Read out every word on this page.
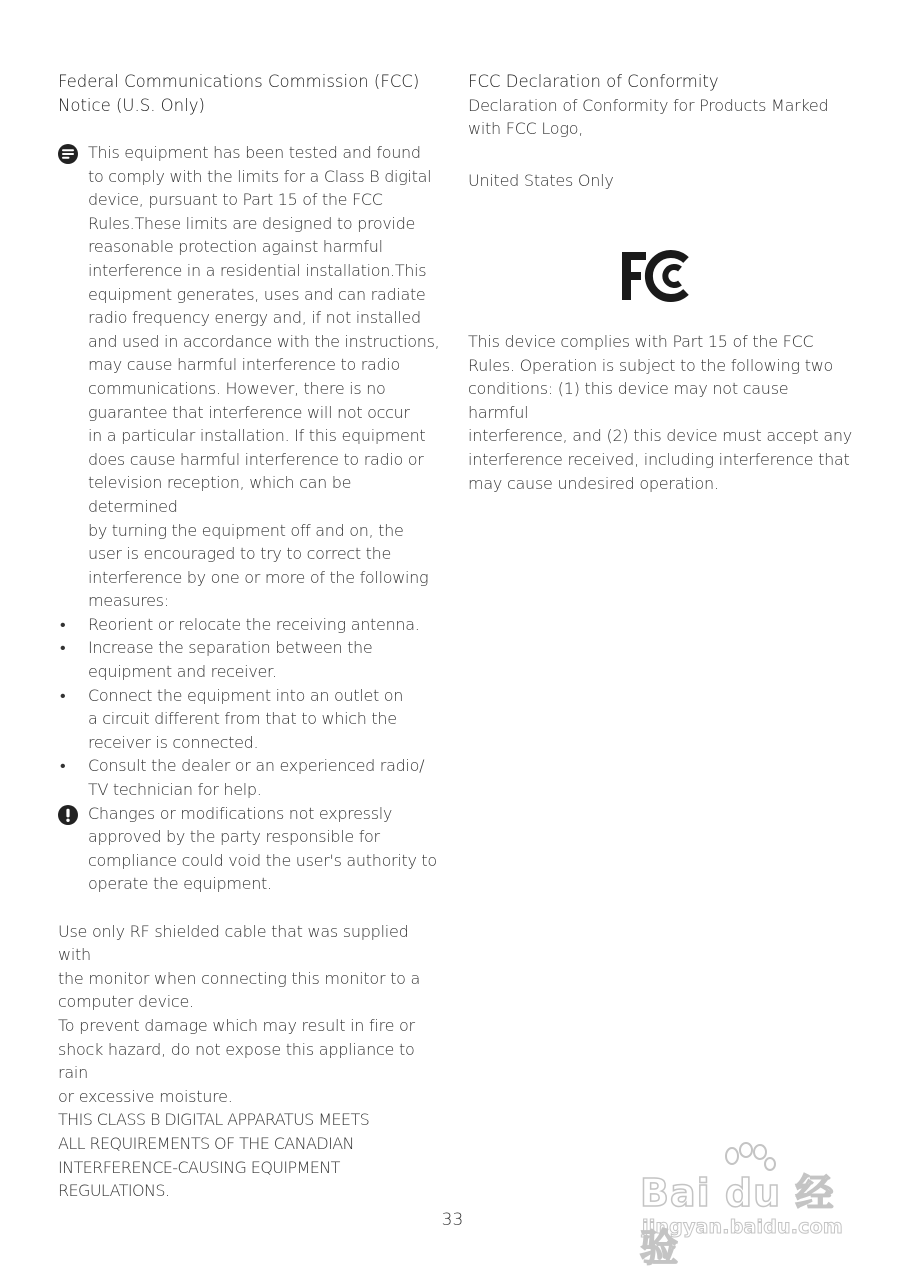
Federal Communications Commission (FCC)
Notice (U.S. Only)

This equipment has been tested and found
to comply with the limits for a Class B digital
device, pursuant to Part 15 of the FCC
Rules.These limits are designed to provide
reasonable protection against harmful
interference in a residential installation.This
equipment generates, uses and can radiate
radio frequency energy and, if not installed
and used in accordance with the instructions,
may cause harmful interference to radio
communications. However, there is no
guarantee that interference will not occur
in a particular installation. If this equipment
does cause harmful interference to radio or
television reception, which can be determined
by turning the equipment off and on, the
user is encouraged to try to correct the
interference by one or more of the following
measures:
• Reorient or relocate the receiving antenna.
• Increase the separation between the
equipment and receiver.
• Connect the equipment into an outlet on
a circuit different from that to which the
receiver is connected.
• Consult the dealer or an experienced radio/
TV technician for help.
Changes or modifications not expressly
approved by the party responsible for
compliance could void the user's authority to
operate the equipment.
Use only RF shielded cable that was supplied with
the monitor when connecting this monitor to a
computer device.
To prevent damage which may result in fire or
shock hazard, do not expose this appliance to rain
or excessive moisture.
THIS CLASS B DIGITAL APPARATUS MEETS
ALL REQUIREMENTS OF THE CANADIAN
INTERFERENCE-CAUSING EQUIPMENT
REGULATIONS.

FCC Declaration of Conformity

Declaration of Conformity for Products Marked
with FCC Logo,
United States Only
This device complies with Part 15 of the FCC
Rules. Operation is subject to the following two
conditions: (1) this device may not cause harmful
interference, and (2) this device must accept any
interference received, including interference that
may cause undesired operation.
33
Bai du 经验
jingyan.baidu.com
